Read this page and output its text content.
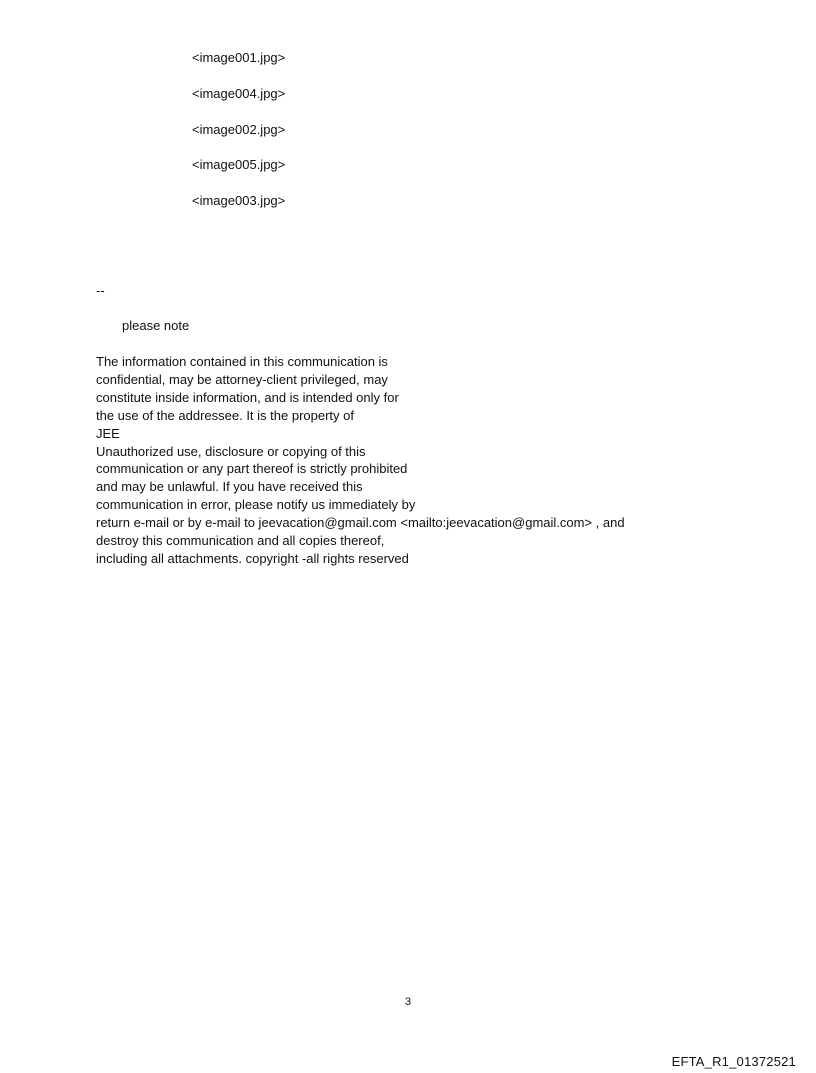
<image001.jpg>
<image004.jpg>
<image002.jpg>
<image005.jpg>
<image003.jpg>
--
please note
The information contained in this communication is
confidential, may be attorney-client privileged, may
constitute inside information, and is intended only for
the use of the addressee. It is the property of
JEE
Unauthorized use, disclosure or copying of this
communication or any part thereof is strictly prohibited
and may be unlawful. If you have received this
communication in error, please notify us immediately by
return e-mail or by e-mail to jeevacation@gmail.com <mailto:jeevacation@gmail.com> , and
destroy this communication and all copies thereof,
including all attachments. copyright -all rights reserved
3
EFTA_R1_01372521
